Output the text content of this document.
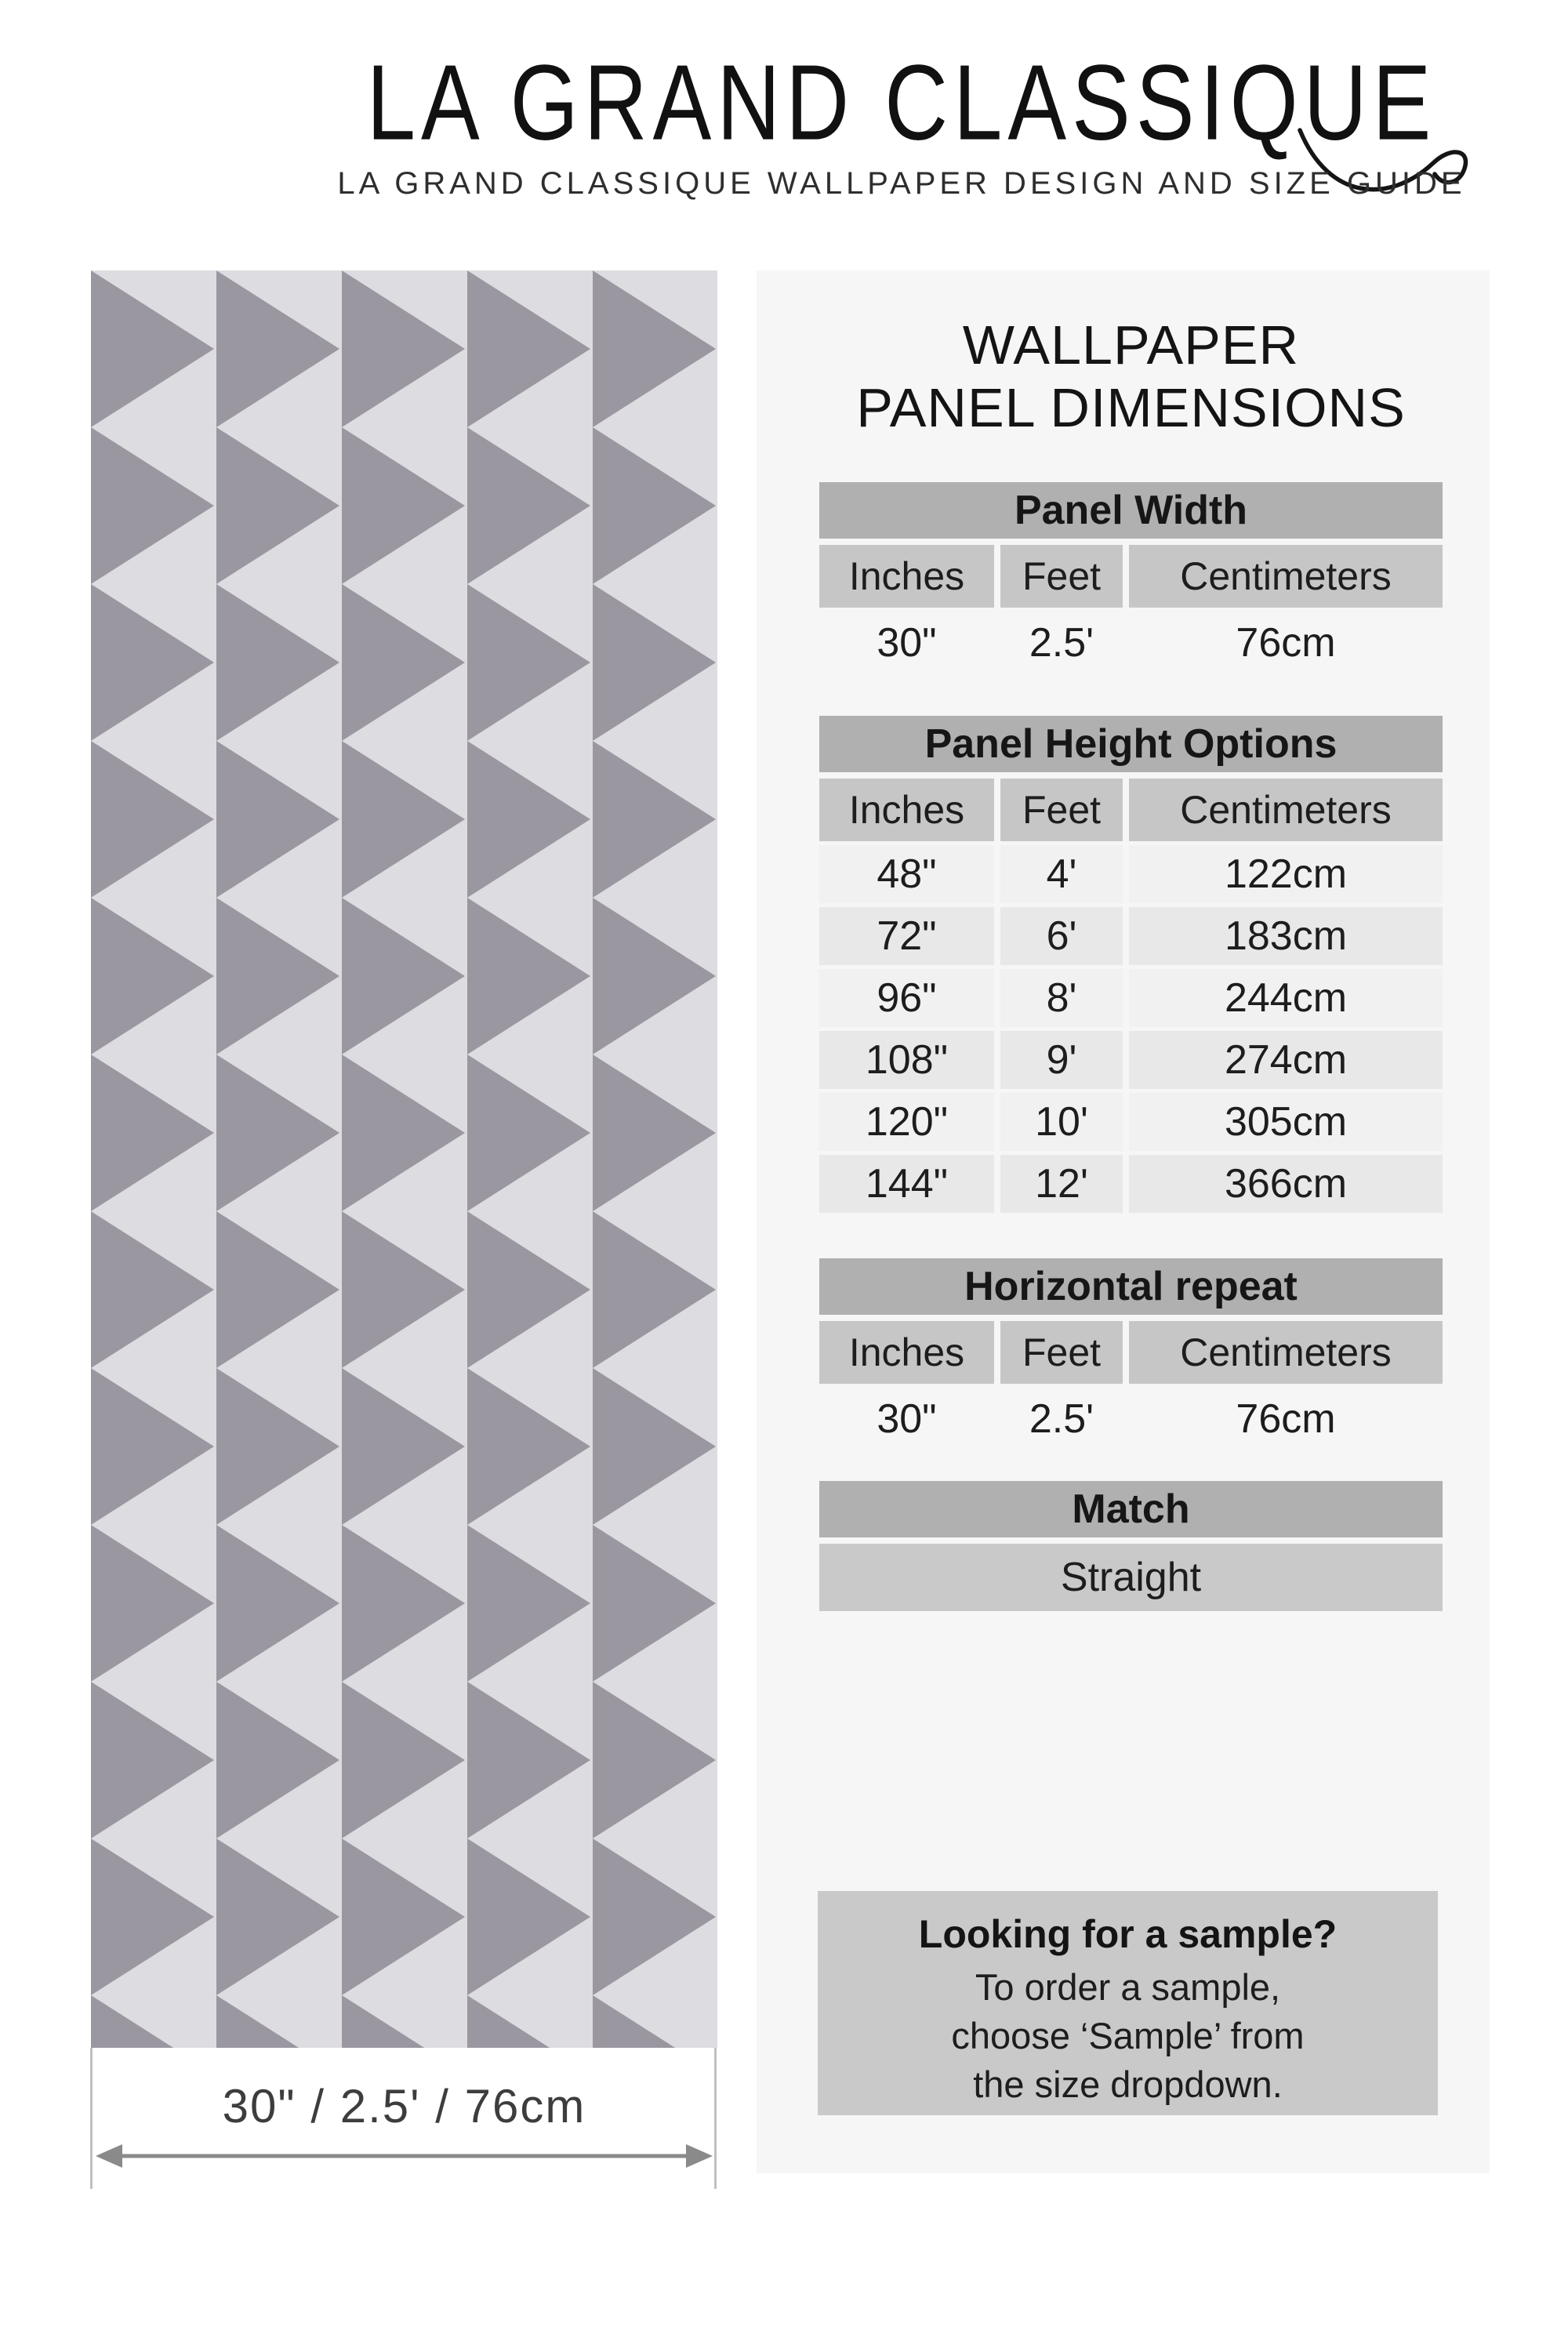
LA GRAND CLASSIQUE
LA GRAND CLASSIQUE WALLPAPER DESIGN AND SIZE GUIDE
30" / 2.5' / 76cm
WALLPAPER
PANEL DIMENSIONS
Panel Width
Inches	Feet	Centimeters
30"	2.5'	76cm
Panel Height Options
Inches	Feet	Centimeters
48"	4'	122cm
72"	6'	183cm
96"	8'	244cm
108"	9'	274cm
120"	10'	305cm
144"	12'	366cm
Horizontal repeat
Inches	Feet	Centimeters
30"	2.5'	76cm
Match
Straight
Looking for a sample?
To order a sample,
choose ‘Sample’ from
the size dropdown.
